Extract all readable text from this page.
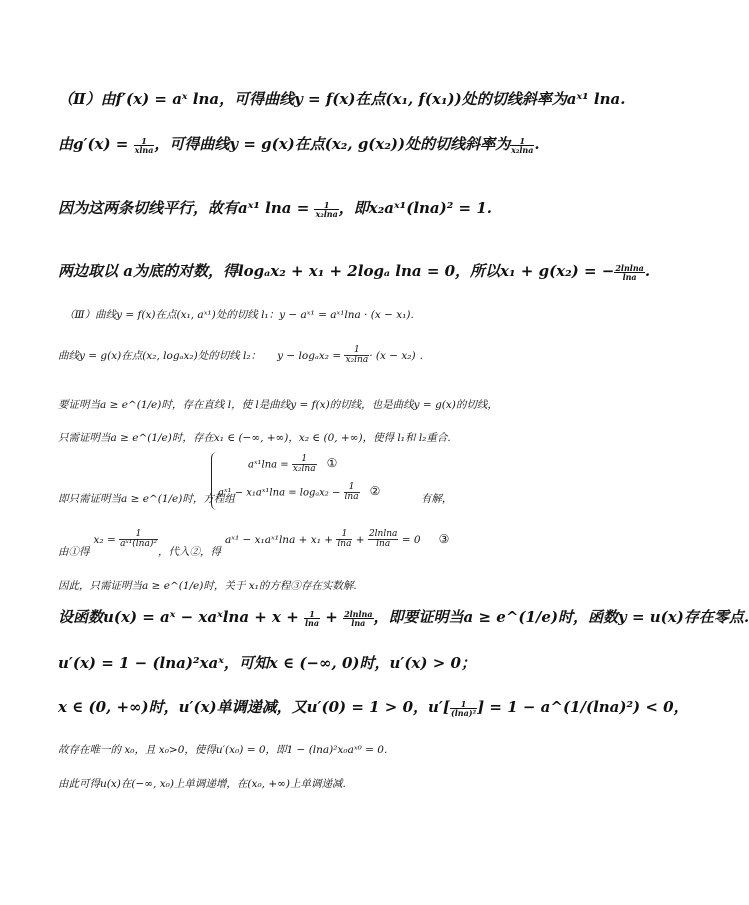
（Ⅱ）由f′(x) = aˣ lna，可得曲线y = f(x)在点(x₁, f(x₁))处的切线斜率为aˣ¹ lna.
由$g'(x) = \frac{1}{xlna}$ ，可得曲线y = g(x)在点(x₂, g(x₂))处的切线斜率为 $\frac{1}{\text{x₂lna}}$ .
因为这两条切线平行，故有aˣ¹ $\ln a = \frac{1}{\text{x₂lna}}$ ，即x₂aˣ¹(lna)² = 1.
两边取以 a为底的对数，得logₐx₂ + x₁ + 2logₐ lna = 0，所以x₁ + g(x₂) = − $\frac{2lnlna}{\ln a}$ .
（Ⅲ）曲线y = f(x)在点(x₁, aˣ¹)处的切线 l₁：y − aˣ¹ = aˣ¹lna · (x − x₁).
曲线y = g(x)在点(x₂, logₐx₂)处的切线 l₂： $y - \log_ax_2 = \frac{1}{\text{x₂lna}} \cdot (x - x_2)$ .
要证明当a ≥ e^(1/e)时，存在直线 l，使 l是曲线y = f(x)的切线，也是曲线y = g(x)的切线，
只需证明当a ≥ e^(1/e)时，存在x₁ ∈ (−∞, +∞)，x₂ ∈ (0, +∞)，使得 l₁和 l₂重合.
即只需证明当a ≥ e^(1/e)时，方程组	有解，
aˣ¹lna = $\frac{1}{\text{x₂lna}}$ ①
aˣ¹ − x₁aˣ¹lna = $\log_ax_2 - \frac{1}{\ln a}$ ②
由①得$x_2 = \frac{1}{\text{aˣ¹(lna)²}}$
，代入②，得aˣ¹ − x₁aˣ¹lna + $x_1 + \frac{1}{\ln a} + \frac{2lnlna}{\ln a} = 0$ ③
因此，只需证明当a ≥ e^(1/e)时，关于 x₁的方程③存在实数解.
设函数u(x) = aˣ − xaˣlna + $x + \frac{1}{\ln a} + \frac{2lnlna}{\ln a}$ ，即要证明当a ≥ e^(1/e)时，函数y = u(x)存在零点.
u′(x) = 1 − (lna)²xaˣ，可知x ∈ (−∞, 0)时，u′(x) > 0；
x ∈ (0, +∞)时，u′(x)单调递减，又u′(0) = 1 > 0，$u'[ \frac{1}{\text{(lna)²}}$ ] = 1 − a^(1/(lna)²) < 0，
故存在唯一的 x₀，且 x₀>0，使得u′(x₀) = 0，即1 − (lna)²x₀aˣ⁰ = 0.
由此可得u(x)在(−∞, x₀)上单调递增，在(x₀, +∞)上单调递减.
